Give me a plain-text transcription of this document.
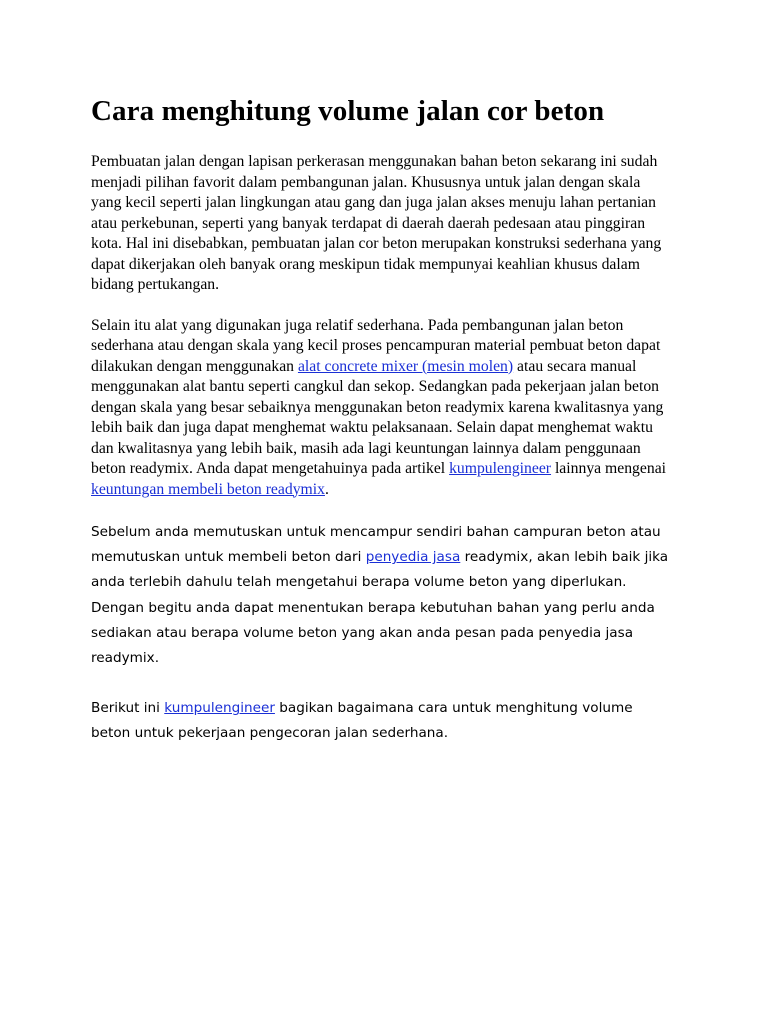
Cara menghitung volume jalan cor beton

Pembuatan jalan dengan lapisan perkerasan menggunakan bahan beton sekarang ini sudah menjadi pilihan favorit dalam pembangunan jalan. Khususnya untuk jalan dengan skala yang kecil seperti jalan lingkungan atau gang dan juga jalan akses menuju lahan pertanian atau perkebunan, seperti yang banyak terdapat di daerah daerah pedesaan atau pinggiran kota. Hal ini disebabkan, pembuatan jalan cor beton merupakan konstruksi sederhana yang dapat dikerjakan oleh banyak orang meskipun tidak mempunyai keahlian khusus dalam bidang pertukangan.

Selain itu alat yang digunakan juga relatif sederhana. Pada pembangunan jalan beton sederhana atau dengan skala yang kecil proses pencampuran material pembuat beton dapat dilakukan dengan menggunakan alat concrete mixer (mesin molen) atau secara manual menggunakan alat bantu seperti cangkul dan sekop. Sedangkan pada pekerjaan jalan beton dengan skala yang besar sebaiknya menggunakan beton readymix karena kwalitasnya yang lebih baik dan juga dapat menghemat waktu pelaksanaan. Selain dapat menghemat waktu dan kwalitasnya yang lebih baik, masih ada lagi keuntungan lainnya dalam penggunaan beton readymix. Anda dapat mengetahuinya pada artikel kumpulengineer lainnya mengenai keuntungan membeli beton readymix.

Sebelum anda memutuskan untuk mencampur sendiri bahan campuran beton atau memutuskan untuk membeli beton dari penyedia jasa readymix, akan lebih baik jika anda terlebih dahulu telah mengetahui berapa volume beton yang diperlukan. Dengan begitu anda dapat menentukan berapa kebutuhan bahan yang perlu anda sediakan atau berapa volume beton yang akan anda pesan pada penyedia jasa readymix.

Berikut ini kumpulengineer bagikan bagaimana cara untuk menghitung volume beton untuk pekerjaan pengecoran jalan sederhana.
